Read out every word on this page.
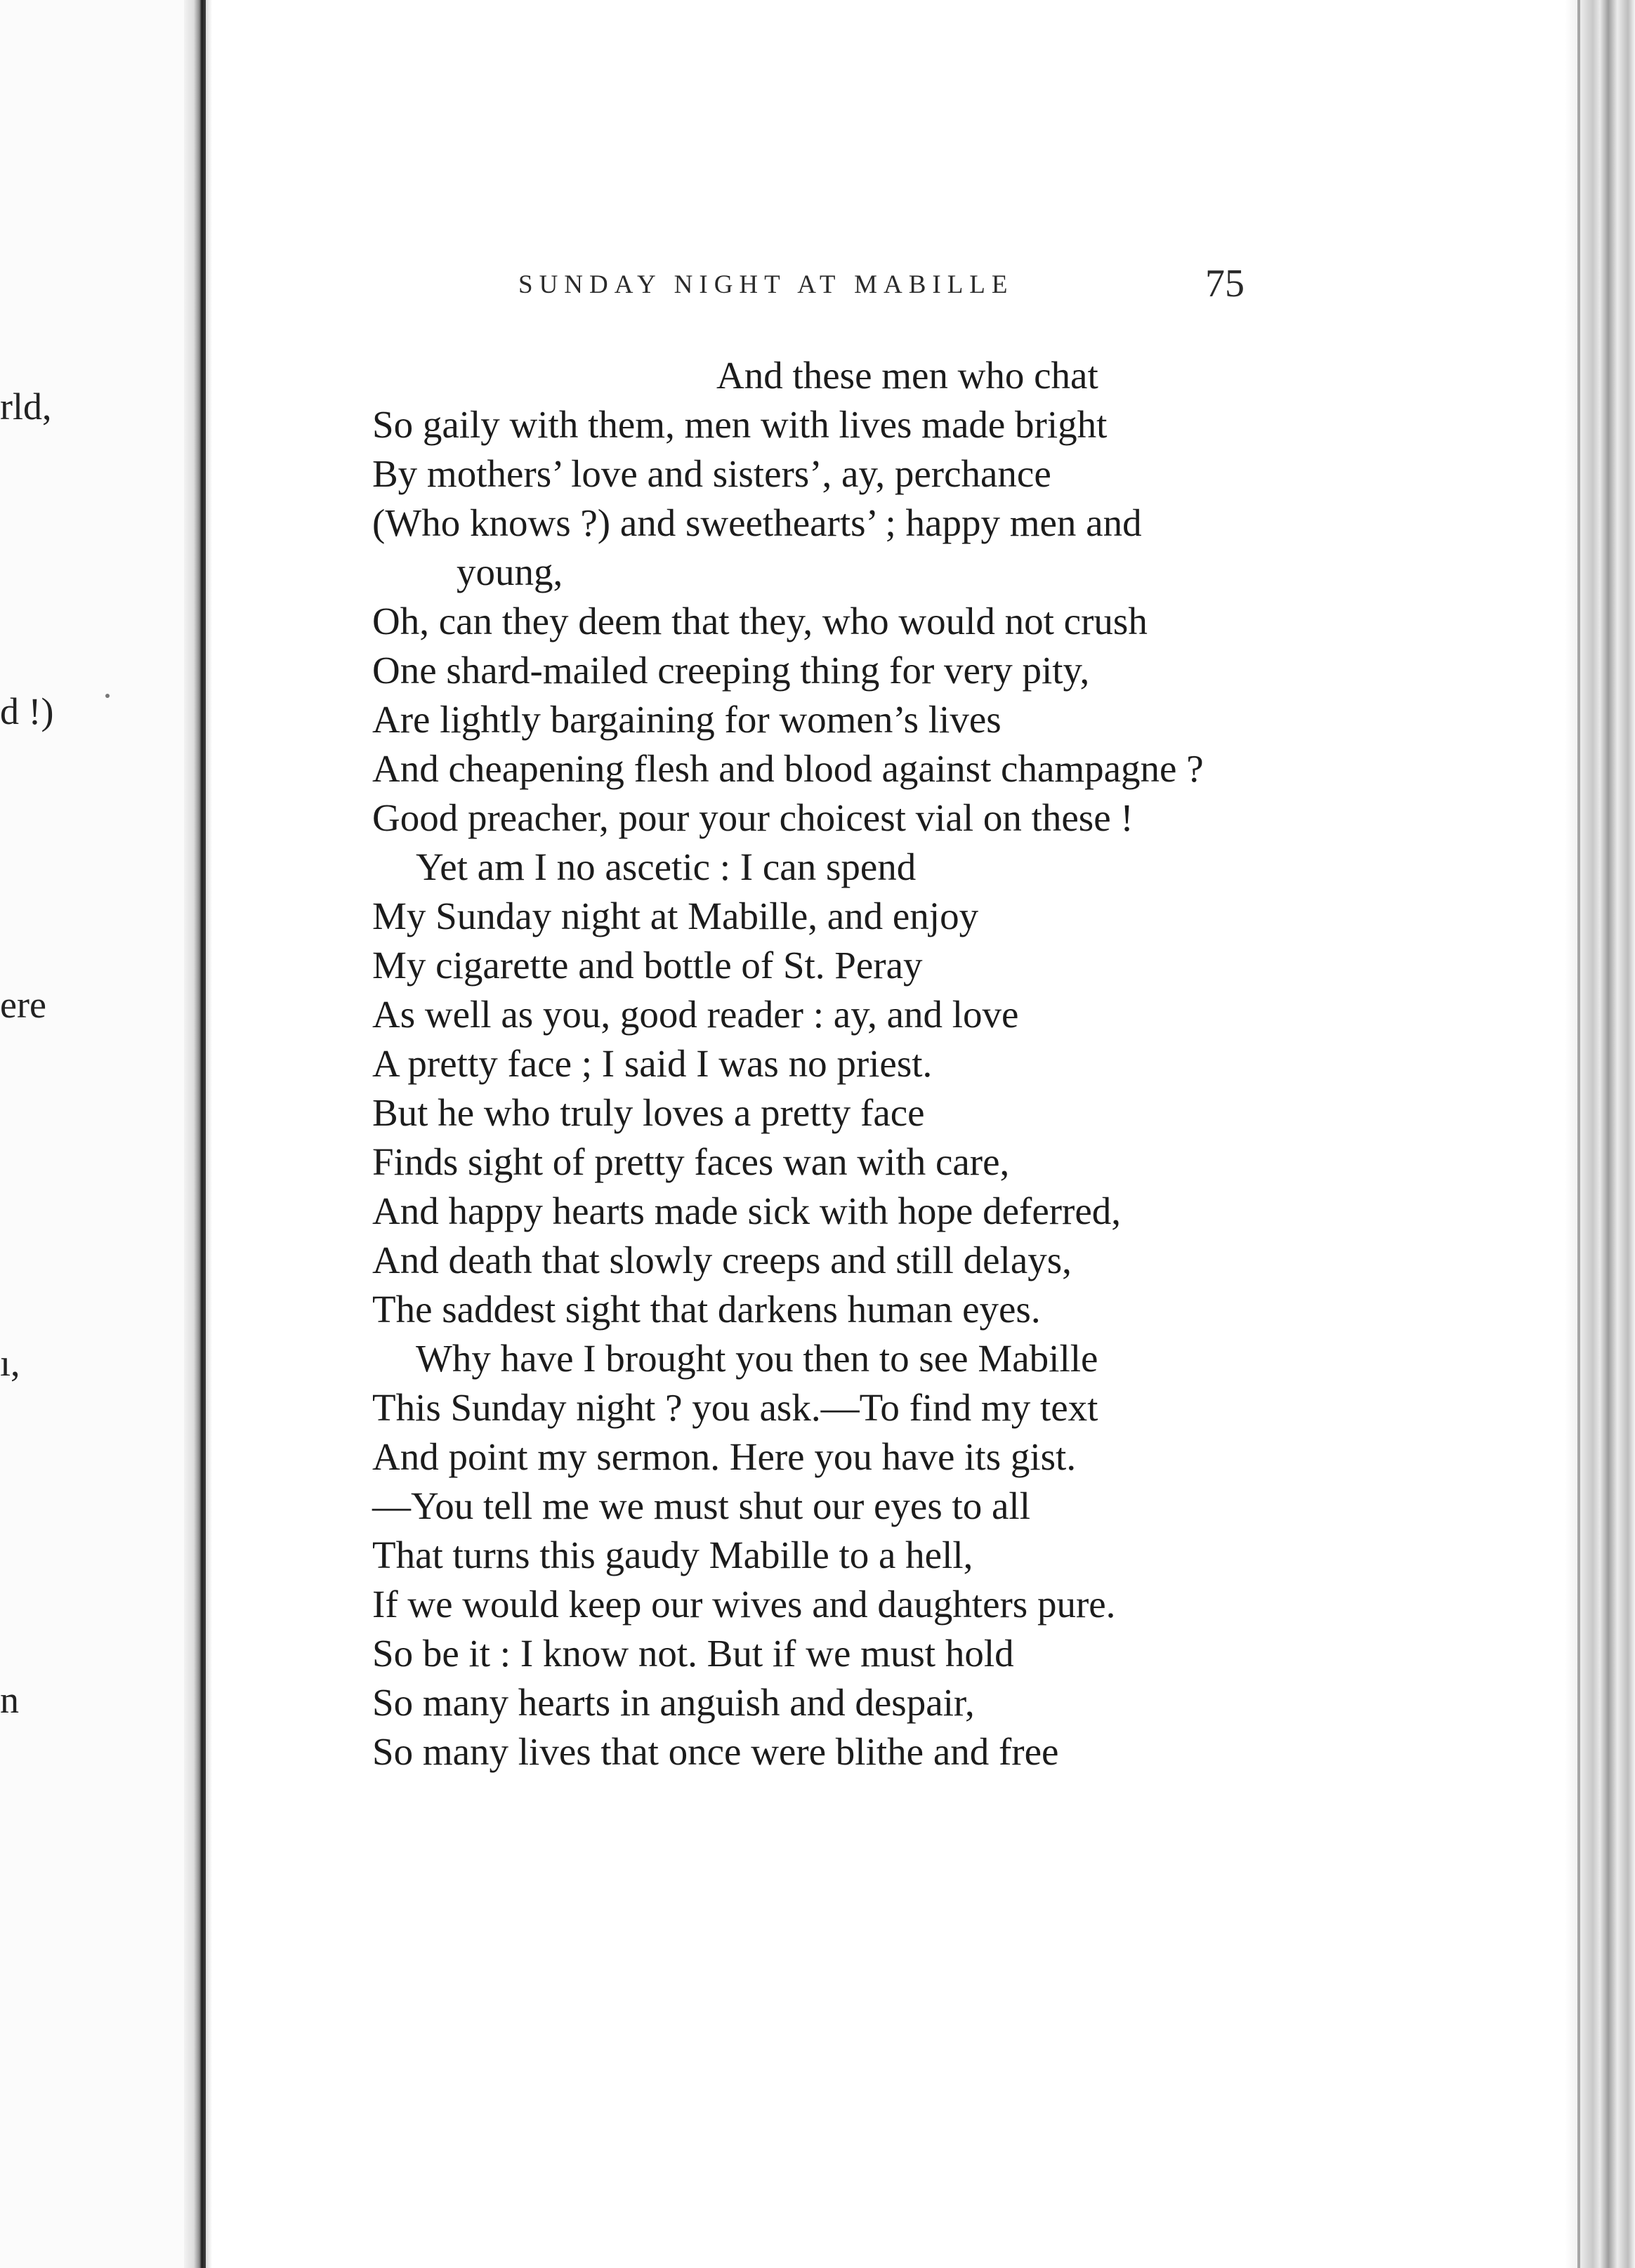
rld,
d !)
ere
ı,
n
SUNDAY NIGHT AT MABILLE	75
And these men who chat
So gaily with them, men with lives made bright
By mothers’ love and sisters’, ay, perchance
(Who knows ?) and sweethearts’ ; happy men and
young,
Oh, can they deem that they, who would not crush
One shard-mailed creeping thing for very pity,
Are lightly bargaining for women’s lives
And cheapening flesh and blood against champagne ?
Good preacher, pour your choicest vial on these !
Yet am I no ascetic : I can spend
My Sunday night at Mabille, and enjoy
My cigarette and bottle of St. Peray
As well as you, good reader : ay, and love
A pretty face ; I said I was no priest.
But he who truly loves a pretty face
Finds sight of pretty faces wan with care,
And happy hearts made sick with hope deferred,
And death that slowly creeps and still delays,
The saddest sight that darkens human eyes.
Why have I brought you then to see Mabille
This Sunday night ? you ask.—To find my text
And point my sermon. Here you have its gist.
—You tell me we must shut our eyes to all
That turns this gaudy Mabille to a hell,
If we would keep our wives and daughters pure.
So be it : I know not. But if we must hold
So many hearts in anguish and despair,
So many lives that once were blithe and free
